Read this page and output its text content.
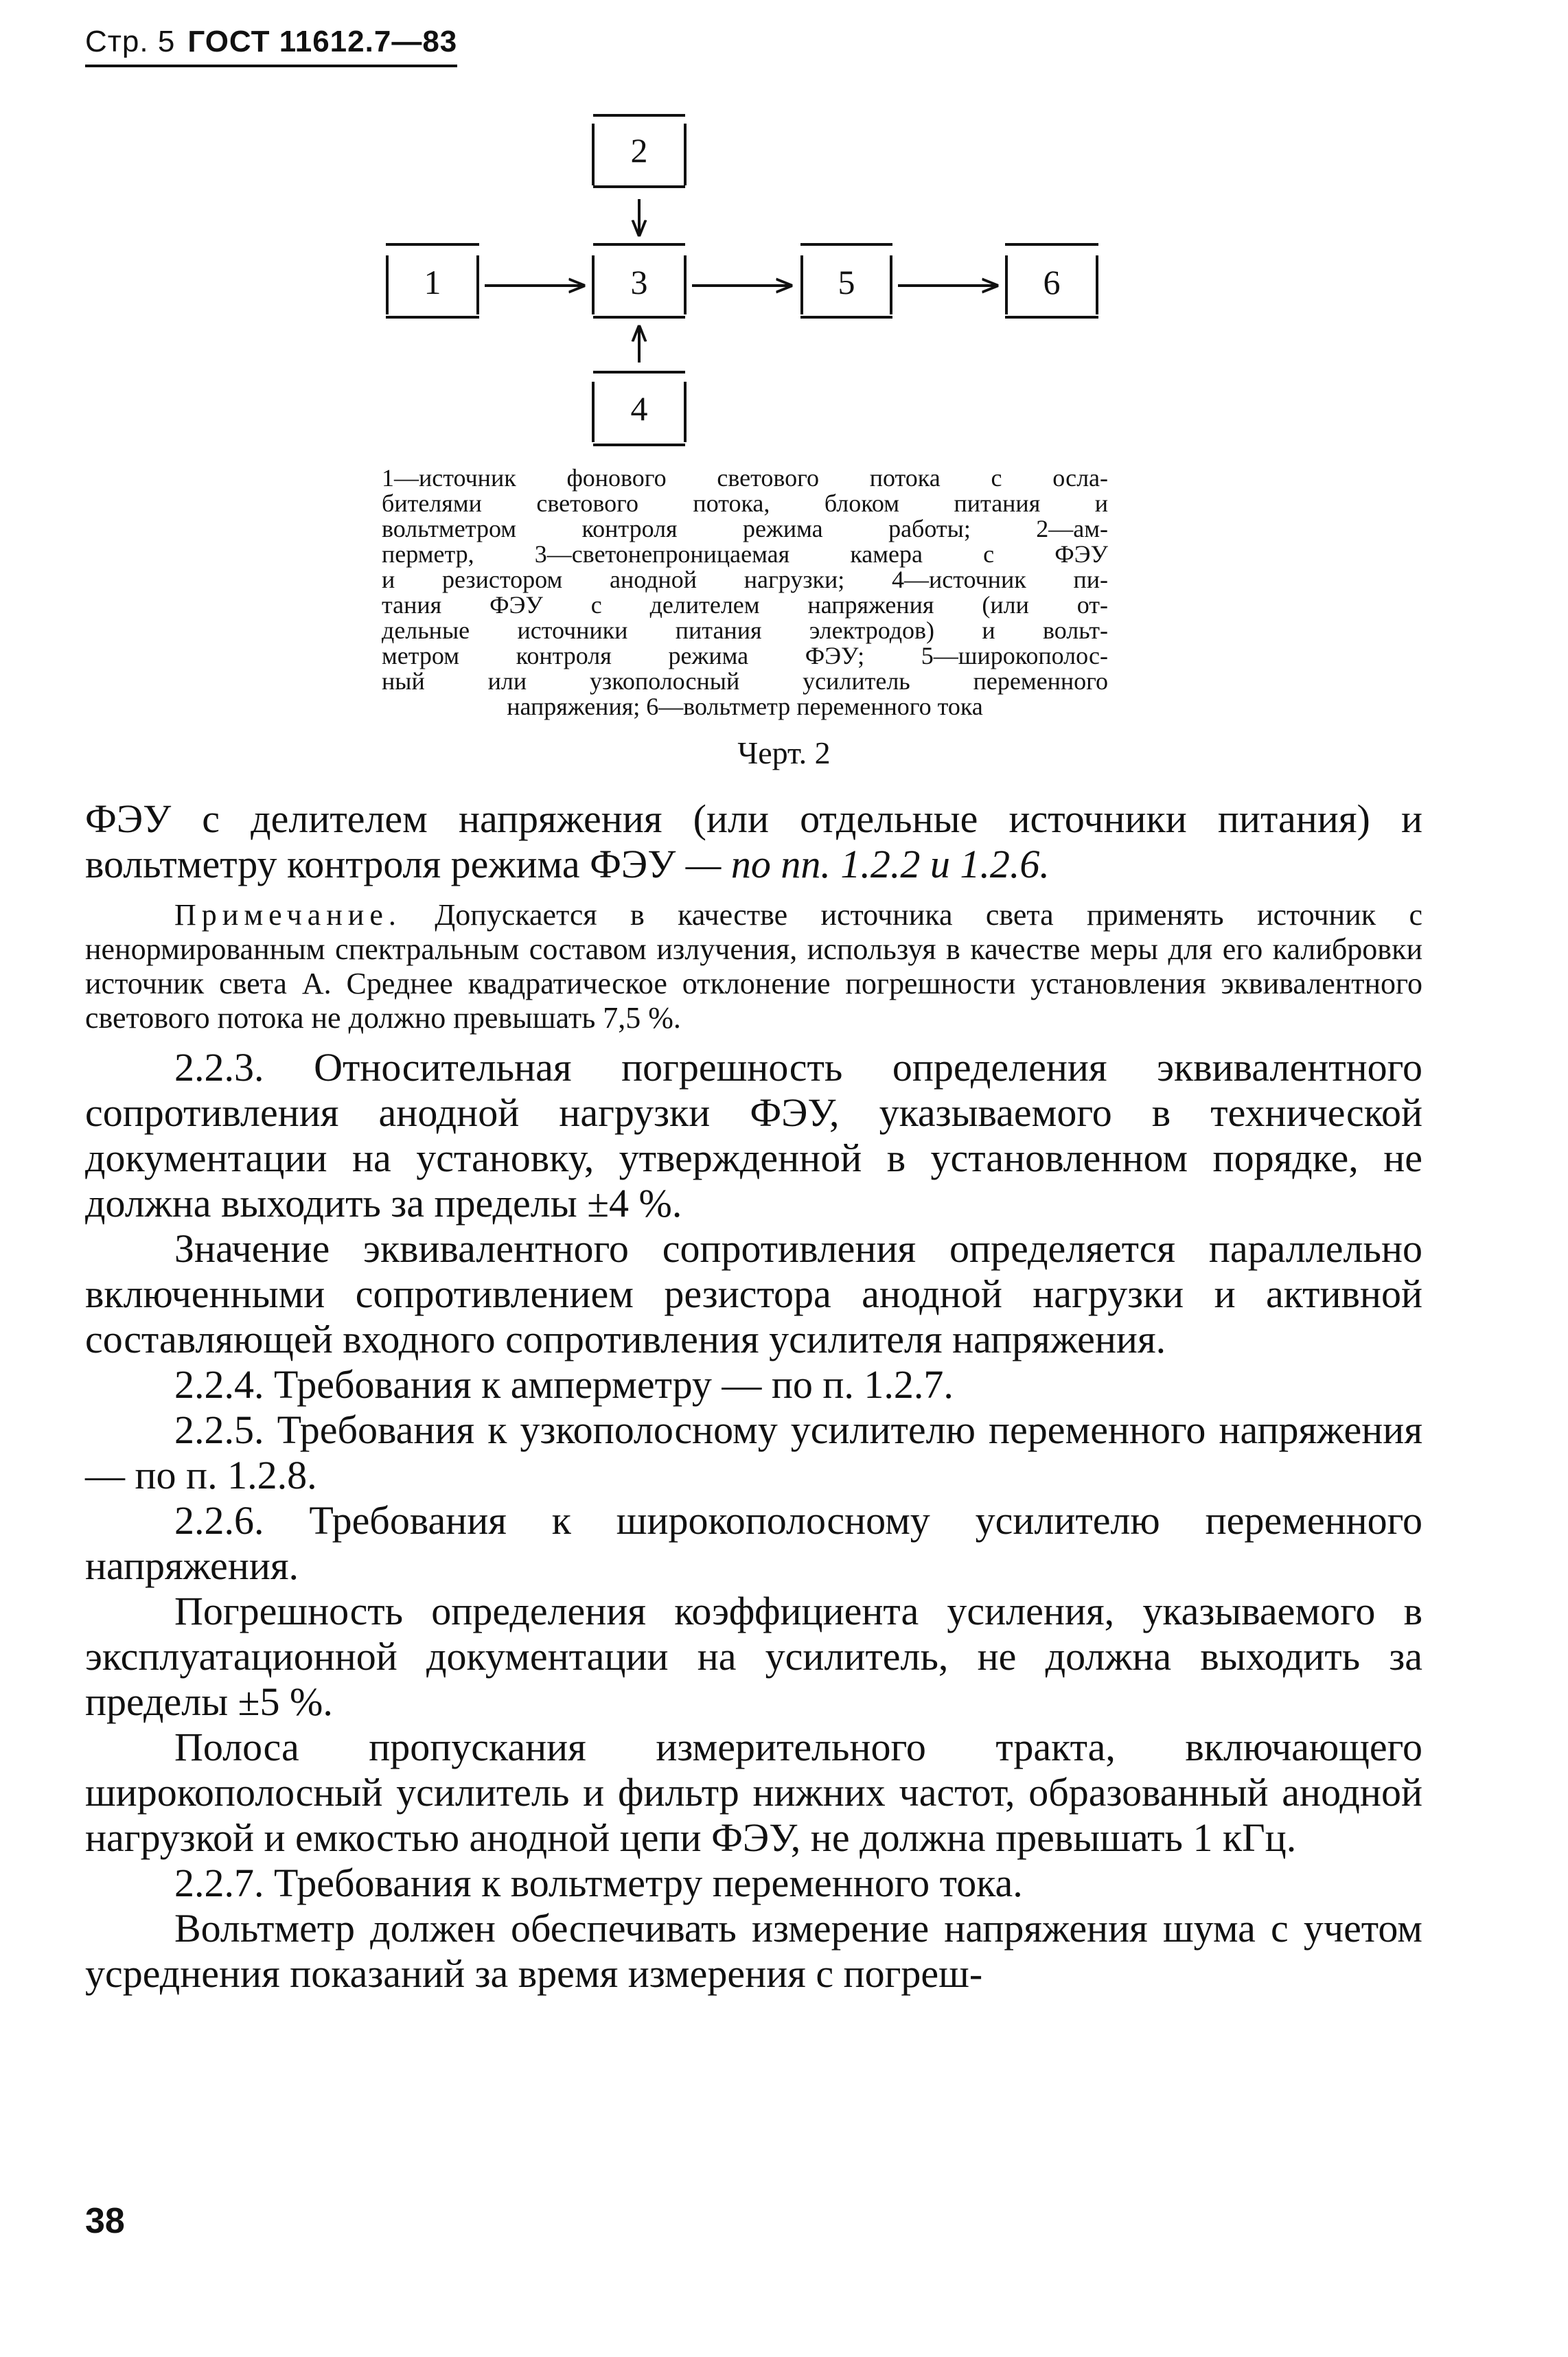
Стр. 5 ГОСТ 11612.7—83
2
1	3	5	6
4
1—источник фонового светового потока с осла-
бителями светового потока, блоком питания и
вольтметром контроля режима работы; 2—ам-
перметр, 3—светонепроницаемая камера с ФЭУ
и резистором анодной нагрузки; 4—источник пи-
тания ФЭУ с делителем напряжения (или от-
дельные источники питания электродов) и вольт-
метром контроля режима ФЭУ; 5—широкополос-
ный или узкополосный усилитель переменного
напряжения; 6—вольтметр переменного тока
Черт. 2

ФЭУ с делителем напряжения (или отдельные источники питания) и вольтметру контроля режима ФЭУ — по пп. 1.2.2 и 1.2.6.

Примечание. Допускается в качестве источника света применять источник с ненормированным спектральным составом излучения, используя в качестве меры для его калибровки источник света А. Среднее квадратическое отклонение погрешности установления эквивалентного светового потока не должно превышать 7,5 %.

2.2.3. Относительная погрешность определения эквивалентного сопротивления анодной нагрузки ФЭУ, указываемого в технической документации на установку, утвержденной в установленном порядке, не должна выходить за пределы ±4 %.

Значение эквивалентного сопротивления определяется параллельно включенными сопротивлением резистора анодной нагрузки и активной составляющей входного сопротивления усилителя напряжения.

2.2.4. Требования к амперметру — по п. 1.2.7.

2.2.5. Требования к узкополосному усилителю переменного напряжения — по п. 1.2.8.

2.2.6. Требования к широкополосному усилителю переменного напряжения.

Погрешность определения коэффициента усиления, указываемого в эксплуатационной документации на усилитель, не должна выходить за пределы ±5 %.

Полоса пропускания измерительного тракта, включающего широкополосный усилитель и фильтр нижних частот, образованный анодной нагрузкой и емкостью анодной цепи ФЭУ, не должна превышать 1 кГц.

2.2.7. Требования к вольтметру переменного тока.

Вольтметр должен обеспечивать измерение напряжения шума с учетом усреднения показаний за время измерения с погреш-

38
